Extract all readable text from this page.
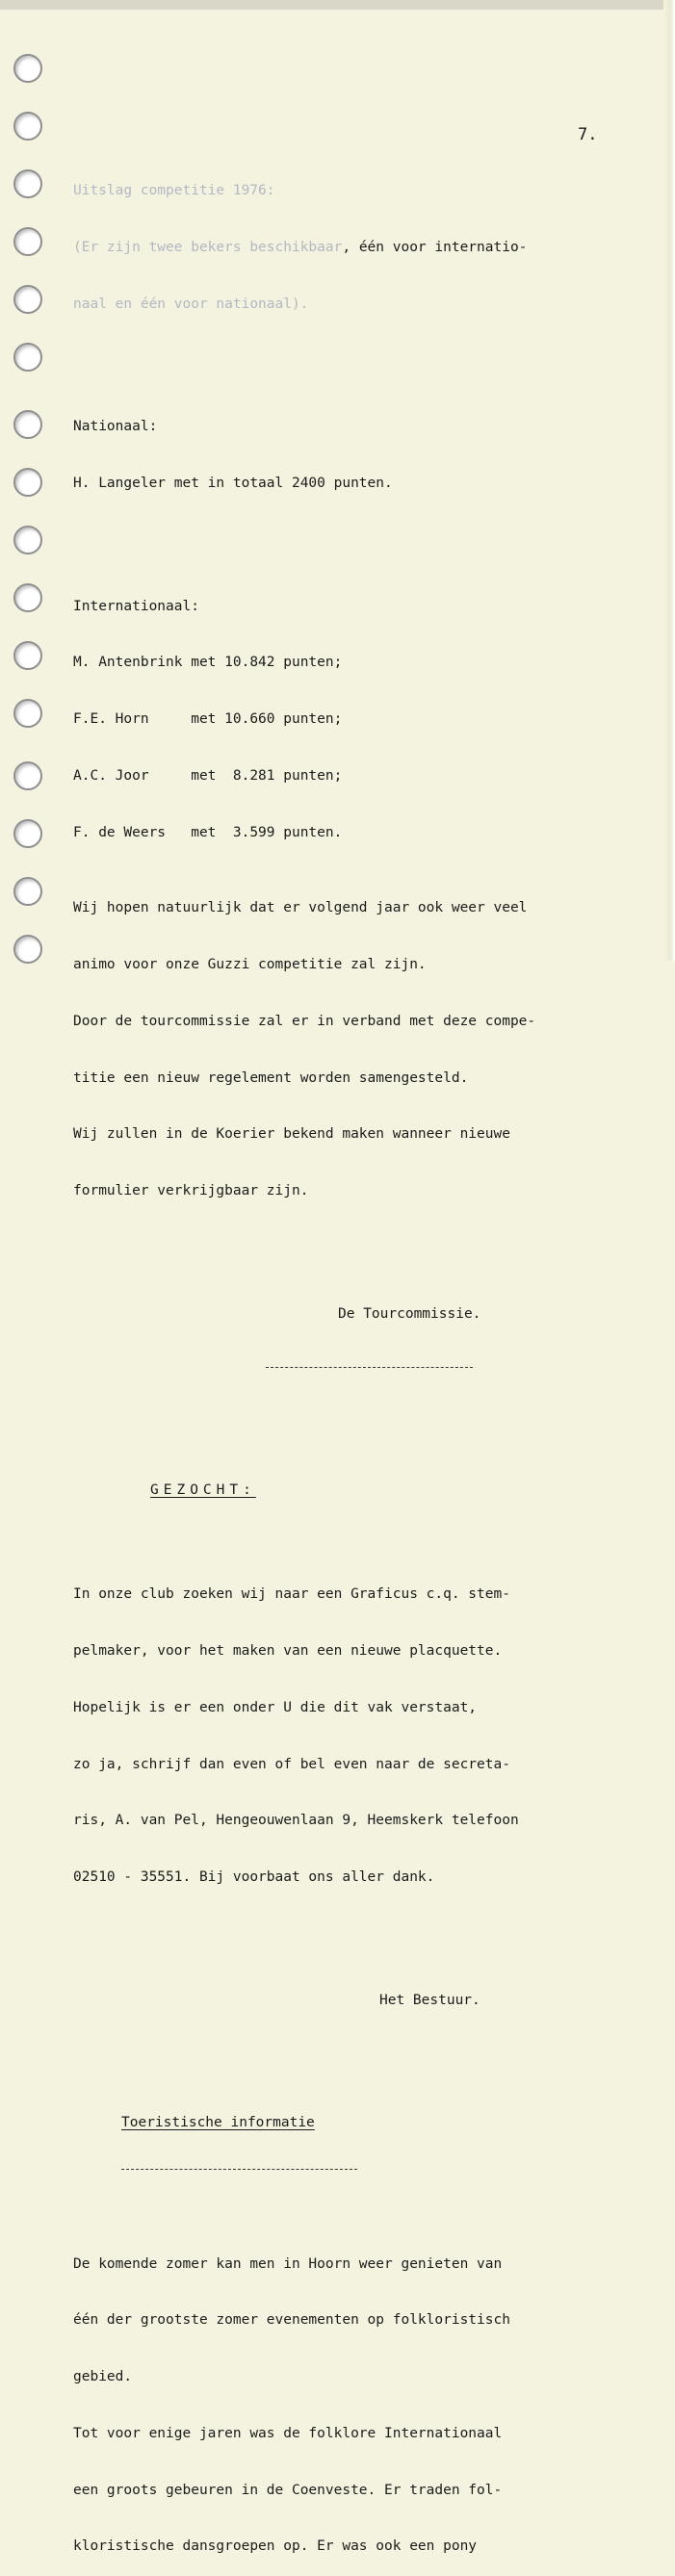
7.

Uitslag competitie 1976:

(Er zijn twee bekers beschikbaar, één voor internatio-

naal en één voor nationaal).

Nationaal:

H. Langeler met in totaal 2400 punten.

Internationaal:

M. Antenbrink met 10.842 punten;

F.E. Horn     met 10.660 punten;

A.C. Joor     met  8.281 punten;

F. de Weers   met  3.599 punten.

Wij hopen natuurlijk dat er volgend jaar ook weer veel

animo voor onze Guzzi competitie zal zijn.

Door de tourcommissie zal er in verband met deze compe-

titie een nieuw regelement worden samengesteld.

Wij zullen in de Koerier bekend maken wanneer nieuwe

formulier verkrijgbaar zijn.

De Tourcommissie.

GEZOCHT:

In onze club zoeken wij naar een Graficus c.q. stem-

pelmaker, voor het maken van een nieuwe placquette.

Hopelijk is er een onder U die dit vak verstaat,

zo ja, schrijf dan even of bel even naar de secreta-

ris, A. van Pel, Hengeouwenlaan 9, Heemskerk telefoon

02510 - 35551. Bij voorbaat ons aller dank.

Het Bestuur.

Toeristische informatie

De komende zomer kan men in Hoorn weer genieten van

één der grootste zomer evenementen op folkloristisch

gebied.

Tot voor enige jaren was de folklore Internationaal

een groots gebeuren in de Coenveste. Er traden fol-

kloristische dansgroepen op. Er was ook een pony
